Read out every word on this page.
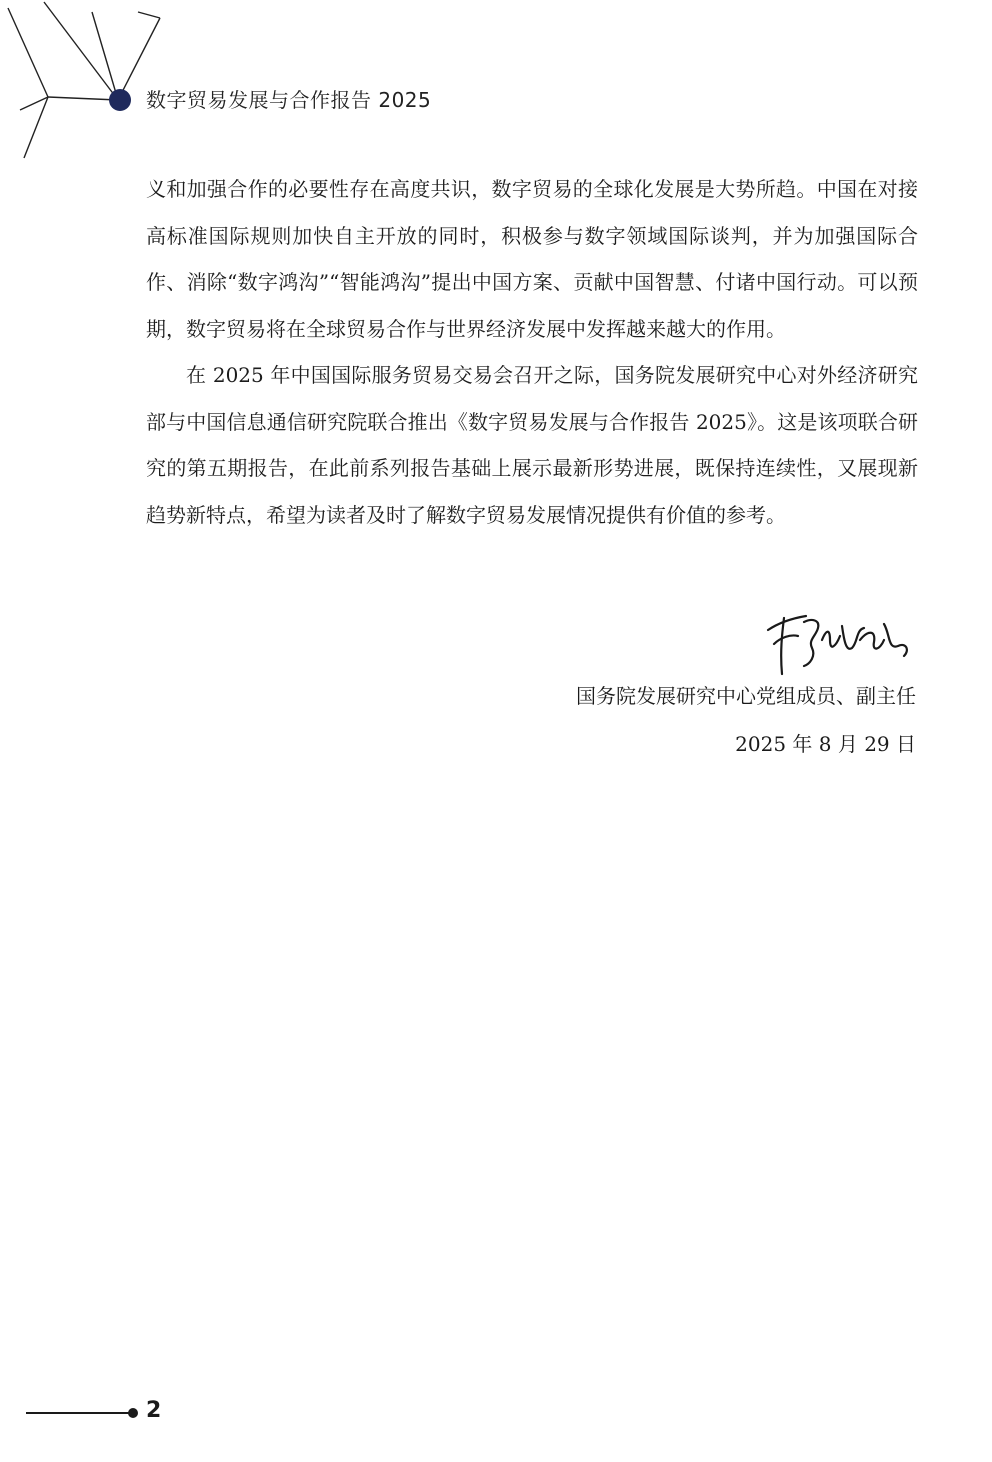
数字贸易发展与合作报告 2025

义和加强合作的必要性存在高度共识，数字贸易的全球化发展是大势所趋。中国在对接高标准国际规则加快自主开放的同时，积极参与数字领域国际谈判，并为加强国际合作、消除“数字鸿沟”“智能鸿沟”提出中国方案、贡献中国智慧、付诸中国行动。可以预期，数字贸易将在全球贸易合作与世界经济发展中发挥越来越大的作用。

在 2025 年中国国际服务贸易交易会召开之际，国务院发展研究中心对外经济研究部与中国信息通信研究院联合推出《数字贸易发展与合作报告 2025》。这是该项联合研究的第五期报告，在此前系列报告基础上展示最新形势进展，既保持连续性，又展现新趋势新特点，希望为读者及时了解数字贸易发展情况提供有价值的参考。

国务院发展研究中心党组成员、副主任
2025 年 8 月 29 日
2
